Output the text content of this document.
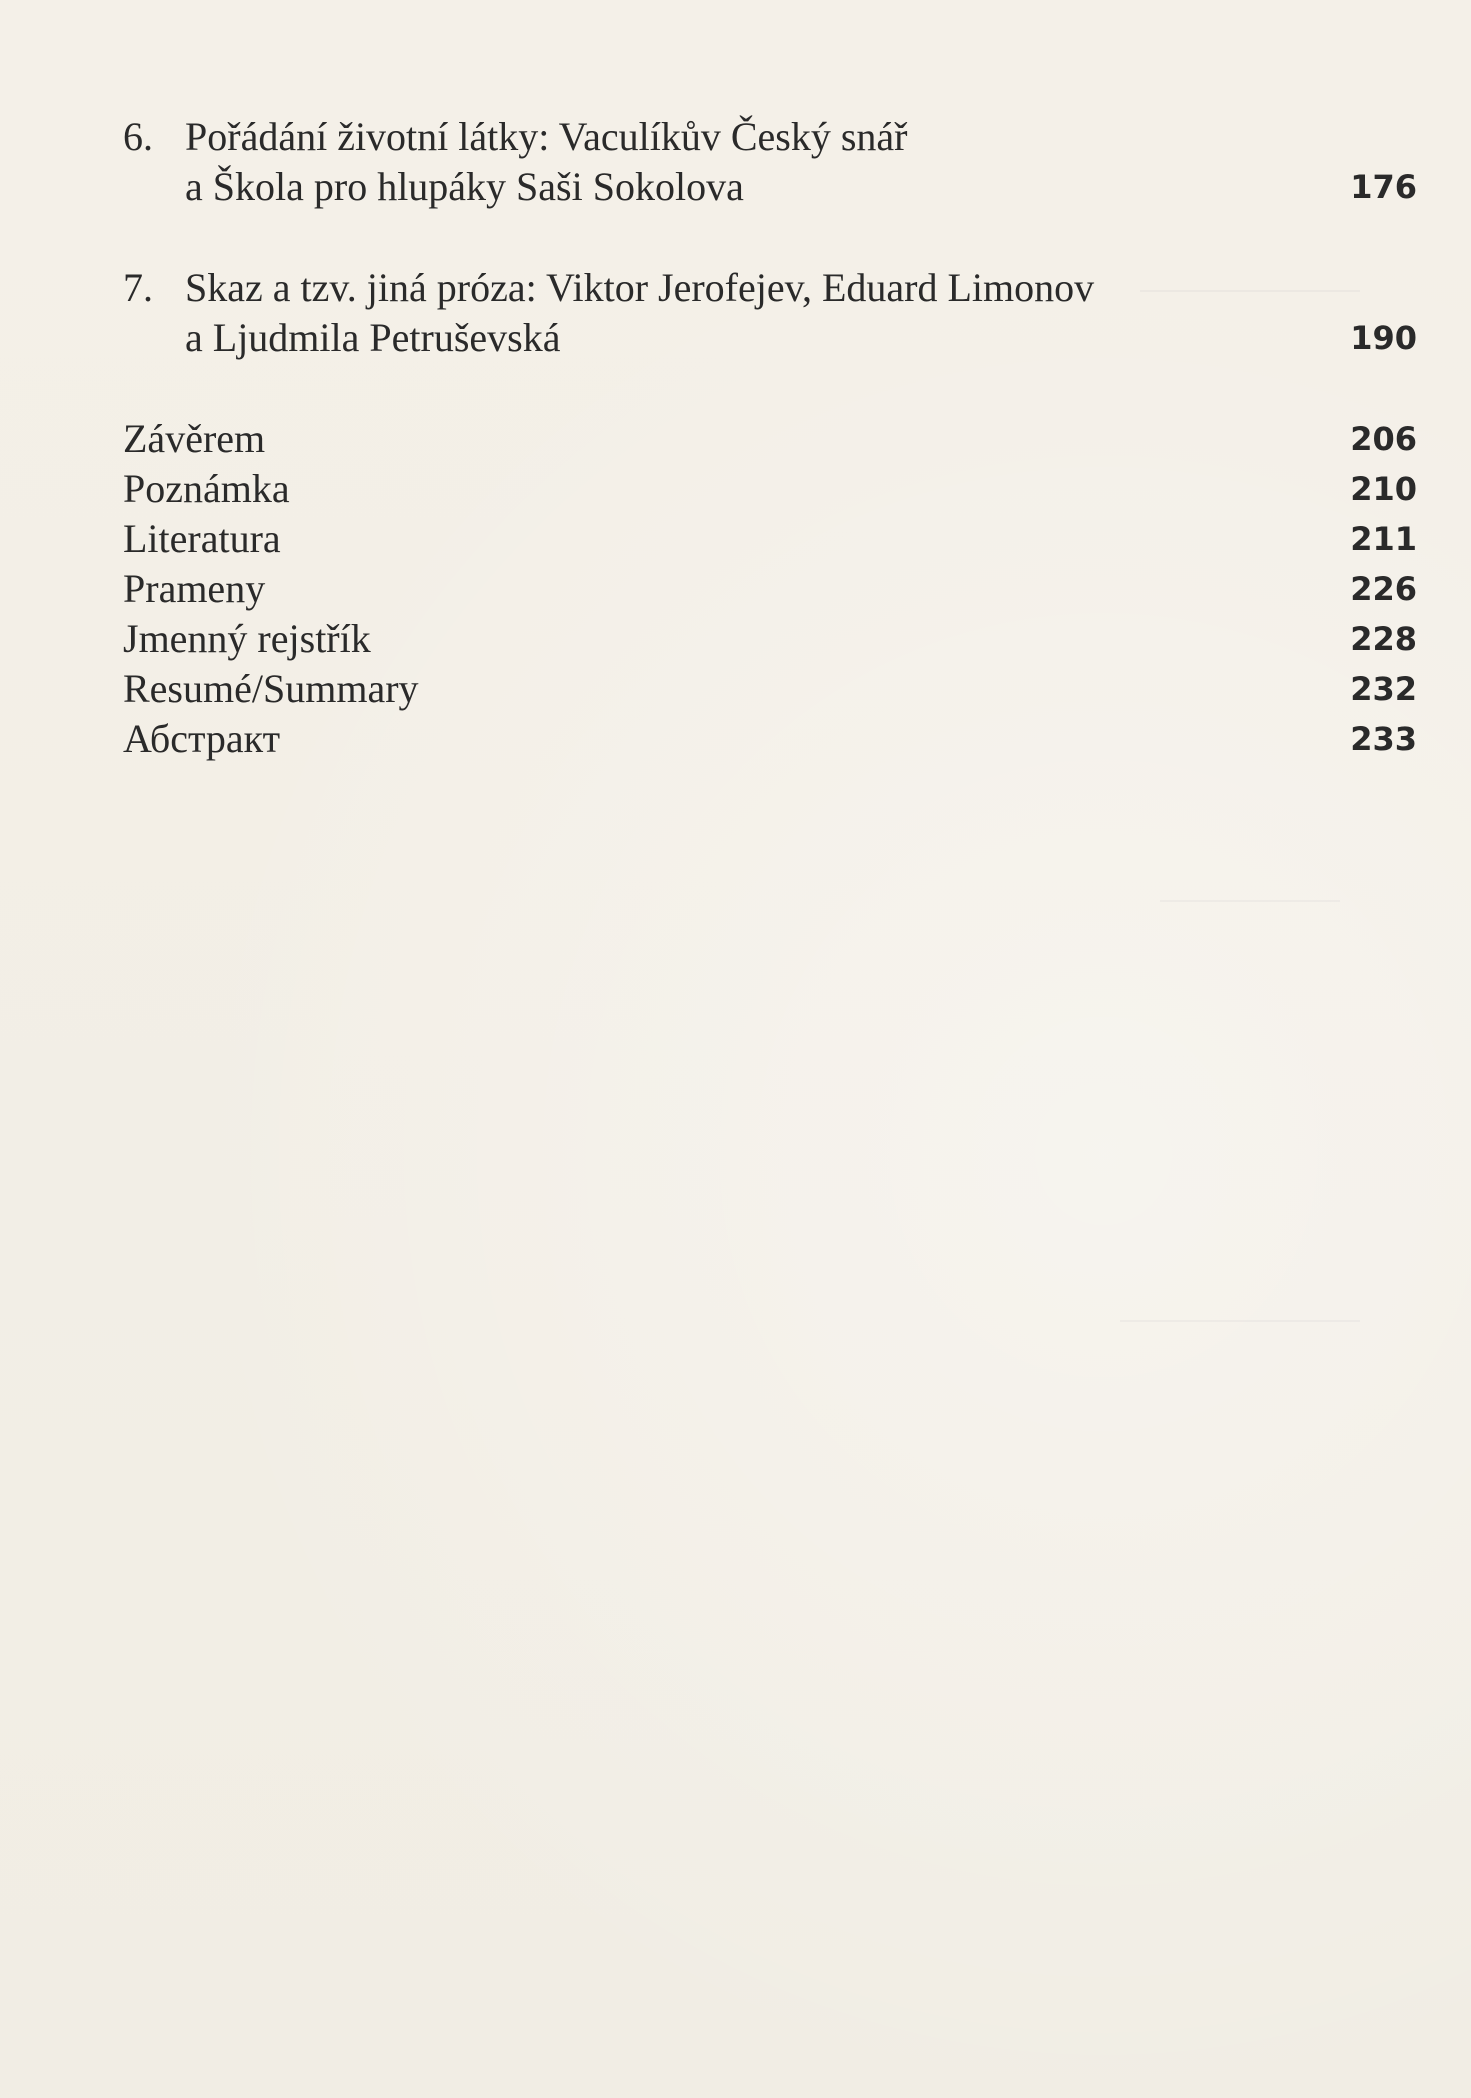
6. Pořádání životní látky: Vaculíkův Český snář
a Škola pro hlupáky Saši Sokolova	176
7. Skaz a tzv. jiná próza: Viktor Jerofejev, Eduard Limonov
a Ljudmila Petruševská	190
Závěrem	206
Poznámka	210
Literatura	211
Prameny	226
Jmenný rejstřík	228
Resumé/Summary	232
Абстракт	233
